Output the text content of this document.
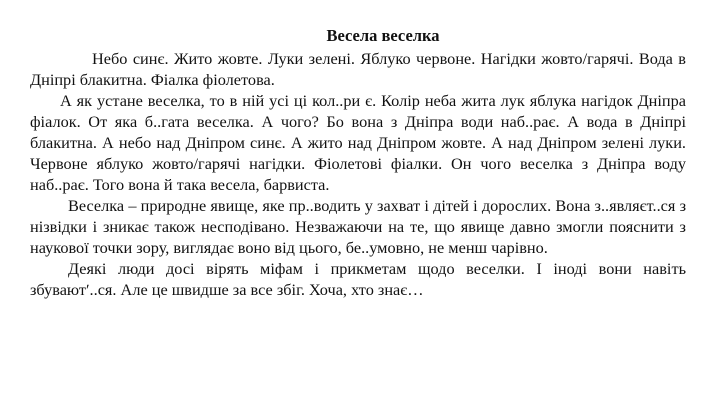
Весела веселка

Небо синє. Жито жовте. Луки зелені. Яблуко червоне. Нагідки жовто/гарячі. Вода в Дніпрі блакитна. Фіалка фіолетова.

А як устане веселка, то в ній усі ці кол..ри є. Колір неба жита лук яблука нагідок Дніпра фіалок. От яка б..гата веселка. А чого? Бо вона з Дніпра води наб..рає. А вода в Дніпрі блакитна. А небо над Дніпром синє. А жито над Дніпром жовте. А над Дніпром зелені луки. Червоне яблуко жовто/гарячі нагідки. Фіолетові фіалки. Он чого веселка з Дніпра воду наб..рає. Того вона й така весела, барвиста.

Веселка – природне явище, яке пр..водить у захват і дітей і дорослих. Вона з..являєт..ся з нізвідки і зникає також несподівано. Незважаючи на те, що явище давно змогли пояснити з наукової точки зору, виглядає воно від цього, бе..умовно, не менш чарівно.

Деякі люди досі вірять міфам і прикметам щодо веселки. І іноді вони навіть збуваютʹ..ся. Але це швидше за все збіг. Хоча, хто знає…
